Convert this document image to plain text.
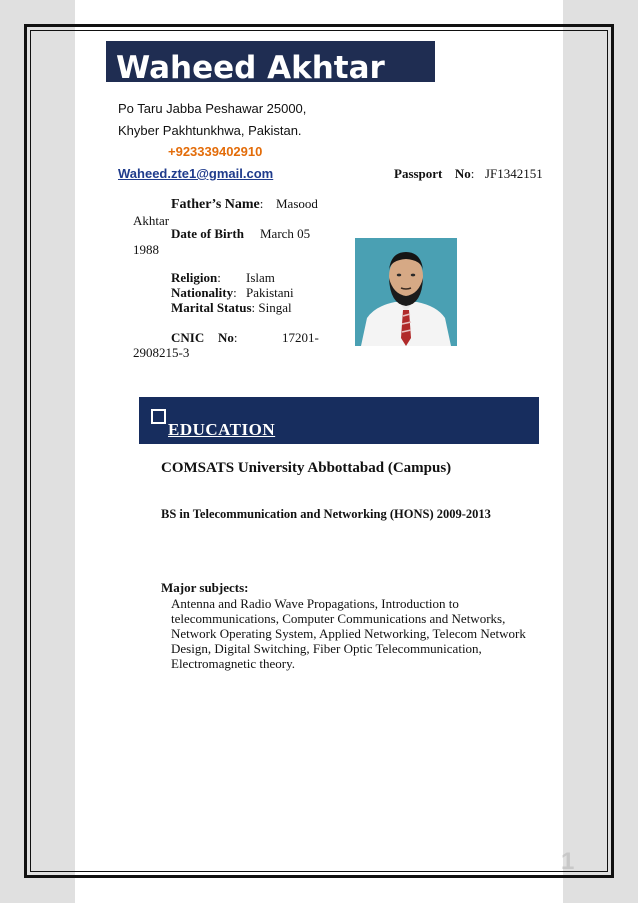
Waheed Akhtar
Po Taru Jabba Peshawar 25000,
Khyber Pakhtunkhwa, Pakistan.
+923339402910
Waheed.zte1@gmail.com	Passport No: JF1342151
Father’s Name: Masood
Akhtar
Date of Birth March 05
1988
Religion: Islam
Nationality: Pakistani
Marital Status: Singal
CNIC No:	17201-
2908215-3
EDUCATION
COMSATS University Abbottabad (Campus)
BS in Telecommunication and Networking (HONS) 2009-2013
Major subjects:
Antenna and Radio Wave Propagations, Introduction to
telecommunications, Computer Communications and Networks,
Network Operating System, Applied Networking, Telecom Network
Design, Digital Switching, Fiber Optic Telecommunication,
Electromagnetic theory.
1
